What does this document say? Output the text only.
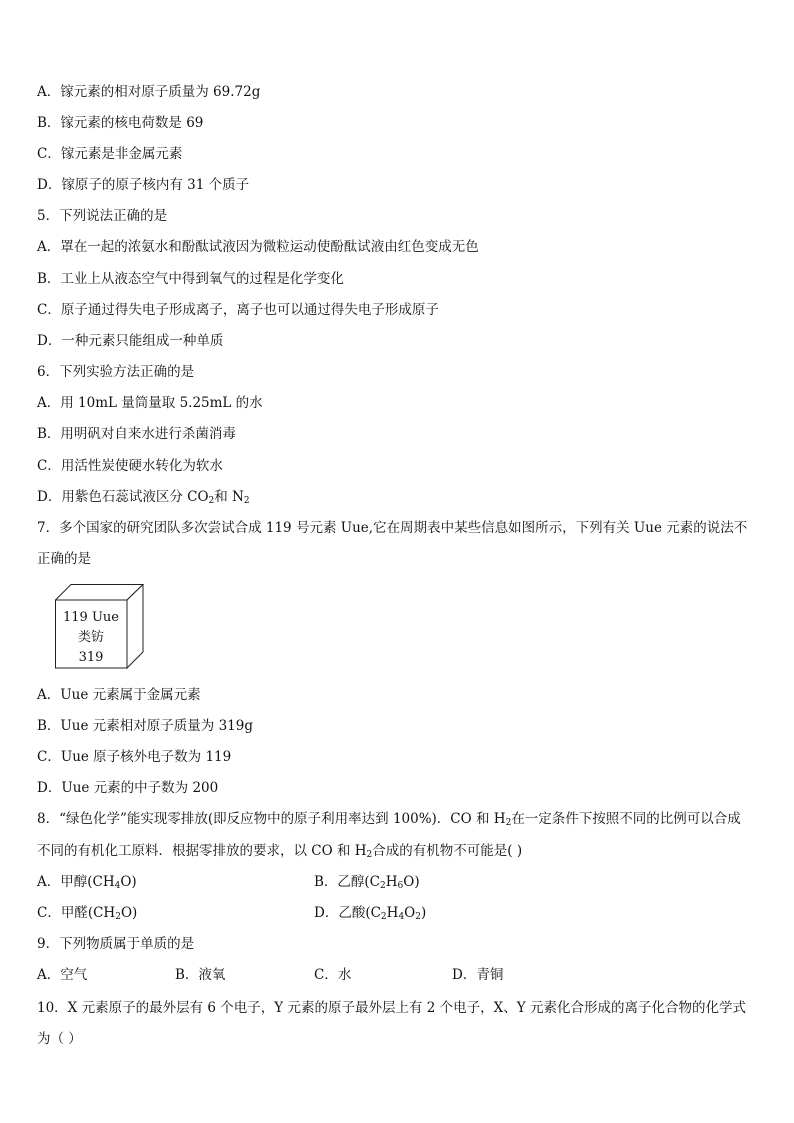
A．镓元素的相对原子质量为 69.72g
B．镓元素的核电荷数是 69
C．镓元素是非金属元素
D．镓原子的原子核内有 31 个质子
5．下列说法正确的是
A．罩在一起的浓氨水和酚酞试液因为微粒运动使酚酞试液由红色变成无色
B．工业上从液态空气中得到氧气的过程是化学变化
C．原子通过得失电子形成离子，离子也可以通过得失电子形成原子
D．一种元素只能组成一种单质
6．下列实验方法正确的是
A．用 10mL 量筒量取 5.25mL 的水
B．用明矾对自来水进行杀菌消毒
C．用活性炭使硬水转化为软水
D．用紫色石蕊试液区分 $CO_2$和 $N_2$
7．多个国家的研究团队多次尝试合成 119 号元素 Uue,它在周期表中某些信息如图所示，下列有关 Uue 元素的说法不
正确的是
119 Uue
类钫
319
A．Uue 元素属于金属元素
B．Uue 元素相对原子质量为 319g
C．Uue 原子核外电子数为 119
D．Uue 元素的中子数为 200
8．“绿色化学”能实现零排放(即反应物中的原子利用率达到 100%)．CO 和 $H_2$在一定条件下按照不同的比例可以合成
不同的有机化工原料．根据零排放的要求，以 CO 和 $H_2$合成的有机物不可能是( )
A．甲醇$(CH_4O)$	B．乙醇$(C_2H_6O)$
C．甲醛$(CH_2O)$	D．乙酸$(C_2H_4O_2)$
9．下列物质属于单质的是
A．空气	B．液氧	C．水	D．青铜
10．X 元素原子的最外层有 6 个电子，Y 元素的原子最外层上有 2 个电子，X、Y 元素化合形成的离子化合物的化学式
为（ ）
